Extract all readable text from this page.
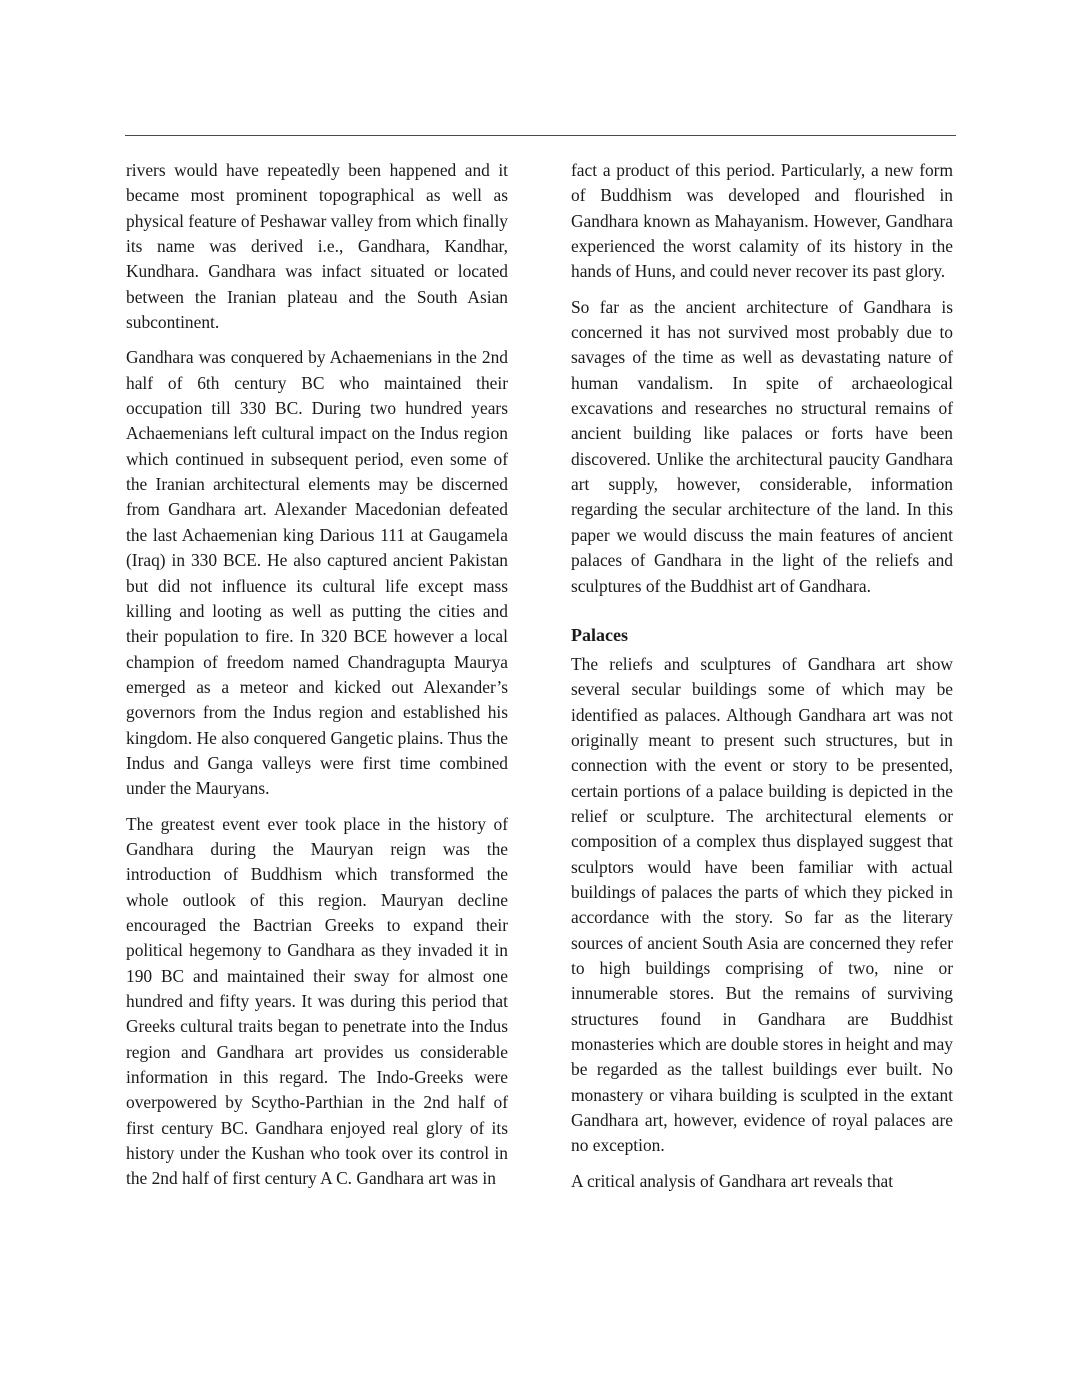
rivers would have repeatedly been happened and it became most prominent topographical as well as physical feature of Peshawar valley from which finally its name was derived i.e., Gandhara, Kandhar, Kundhara. Gandhara was infact situated or located between the Iranian plateau and the South Asian subcontinent.

Gandhara was conquered by Achaemenians in the 2nd half of 6th century BC who maintained their occupation till 330 BC. During two hundred years Achaemenians left cultural impact on the Indus region which continued in subsequent period, even some of the Iranian architectural elements may be discerned from Gandhara art. Alexander Macedonian defeated the last Achaemenian king Darious 111 at Gaugamela (Iraq) in 330 BCE. He also captured ancient Pakistan but did not influence its cultural life except mass killing and looting as well as putting the cities and their population to fire. In 320 BCE however a local champion of freedom named Chandragupta Maurya emerged as a meteor and kicked out Alexander’s governors from the Indus region and established his kingdom. He also conquered Gangetic plains. Thus the Indus and Ganga valleys were first time combined under the Mauryans.

The greatest event ever took place in the history of Gandhara during the Mauryan reign was the introduction of Buddhism which transformed the whole outlook of this region. Mauryan decline encouraged the Bactrian Greeks to expand their political hegemony to Gandhara as they invaded it in 190 BC and maintained their sway for almost one hundred and fifty years. It was during this period that Greeks cultural traits began to penetrate into the Indus region and Gandhara art provides us considerable information in this regard. The Indo-Greeks were overpowered by Scytho-Parthian in the 2nd half of first century BC. Gandhara enjoyed real glory of its history under the Kushan who took over its control in the 2nd half of first century A C. Gandhara art was in

fact a product of this period. Particularly, a new form of Buddhism was developed and flourished in Gandhara known as Mahayanism. However, Gandhara experienced the worst calamity of its history in the hands of Huns, and could never recover its past glory.

So far as the ancient architecture of Gandhara is concerned it has not survived most probably due to savages of the time as well as devastating nature of human vandalism. In spite of archaeological excavations and researches no structural remains of ancient building like palaces or forts have been discovered. Unlike the architectural paucity Gandhara art supply, however, considerable, information regarding the secular architecture of the land. In this paper we would discuss the main features of ancient palaces of Gandhara in the light of the reliefs and sculptures of the Buddhist art of Gandhara.

Palaces

The reliefs and sculptures of Gandhara art show several secular buildings some of which may be identified as palaces. Although Gandhara art was not originally meant to present such structures, but in connection with the event or story to be presented, certain portions of a palace building is depicted in the relief or sculpture. The architectural elements or composition of a complex thus displayed suggest that sculptors would have been familiar with actual buildings of palaces the parts of which they picked in accordance with the story. So far as the literary sources of ancient South Asia are concerned they refer to high buildings comprising of two, nine or innumerable stores. But the remains of surviving structures found in Gandhara are Buddhist monasteries which are double stores in height and may be regarded as the tallest buildings ever built. No monastery or vihara building is sculpted in the extant Gandhara art, however, evidence of royal palaces are no exception.

A critical analysis of Gandhara art reveals that
